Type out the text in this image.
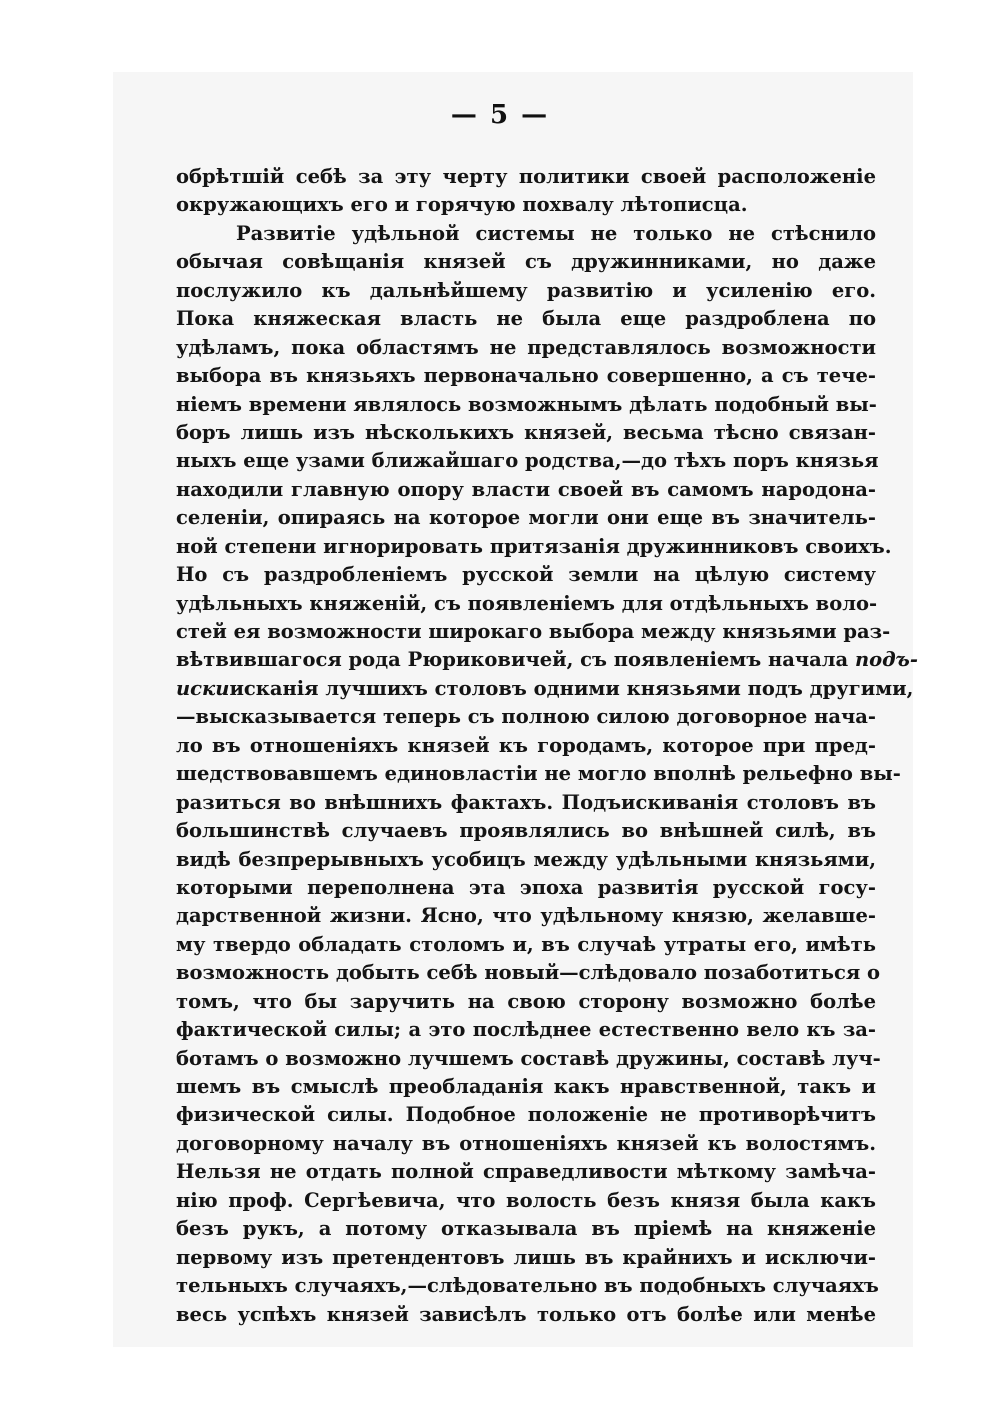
— 5 —
обрѣтшій себѣ за эту черту политики своей расположеніе
окружающихъ его и горячую похвалу лѣтописца.
Развитіе удѣльной системы не только не стѣснило
обычая совѣщанія князей съ дружинниками, но даже
послужило къ дальнѣйшему развитію и усиленію его.
Пока княжеская власть не была еще раздроблена по
удѣламъ, пока областямъ не представлялось возможности
выбора въ князьяхъ первоначально совершенно, а съ тече-
ніемъ времени являлось возможнымъ дѣлать подобный вы-
боръ лишь изъ нѣсколькихъ князей, весьма тѣсно связан-
ныхъ еще узами ближайшаго родства,—до тѣхъ поръ князья
находили главную опору власти своей въ самомъ народона-
селеніи, опираясь на которое могли они еще въ значитель-
ной степени игнорировать притязанія дружинниковъ своихъ.
Но съ раздробленіемъ русской земли на цѣлую систему
удѣльныхъ княженій, съ появленіемъ для отдѣльныхъ воло-
стей ея возможности широкаго выбора между князьями раз-
вѣтвившагося рода Рюриковичей, съ появленіемъ начала подъ-
искиисканія лучшихъ столовъ одними князьями подъ другими,
—высказывается теперь съ полною силою договорное нача-
ло въ отношеніяхъ князей къ городамъ, которое при пред-
шедствовавшемъ единовластіи не могло вполнѣ рельефно вы-
разиться во внѣшнихъ фактахъ. Подъискиванія столовъ въ
большинствѣ случаевъ проявлялись во внѣшней силѣ, въ
видѣ безпрерывныхъ усобицъ между удѣльными князьями,
которыми переполнена эта эпоха развитія русской госу-
дарственной жизни. Ясно, что удѣльному князю, желавше-
му твердо обладать столомъ и, въ случаѣ утраты его, имѣть
возможность добыть себѣ новый—слѣдовало позаботиться о
томъ, что бы заручить на свою сторону возможно болѣе
фактической силы; а это послѣднее естественно вело къ за-
ботамъ о возможно лучшемъ составѣ дружины, составѣ луч-
шемъ въ смыслѣ преобладанія какъ нравственной, такъ и
физической силы. Подобное положеніе не противорѣчитъ
договорному началу въ отношеніяхъ князей къ волостямъ.
Нельзя не отдать полной справедливости мѣткому замѣча-
нію проф. Сергѣевича, что волость безъ князя была какъ
безъ рукъ, а потому отказывала въ пріемѣ на княженіе
первому изъ претендентовъ лишь въ крайнихъ и исключи-
тельныхъ случаяхъ,—слѣдовательно въ подобныхъ случаяхъ
весь успѣхъ князей зависѣлъ только отъ болѣе или менѣе
